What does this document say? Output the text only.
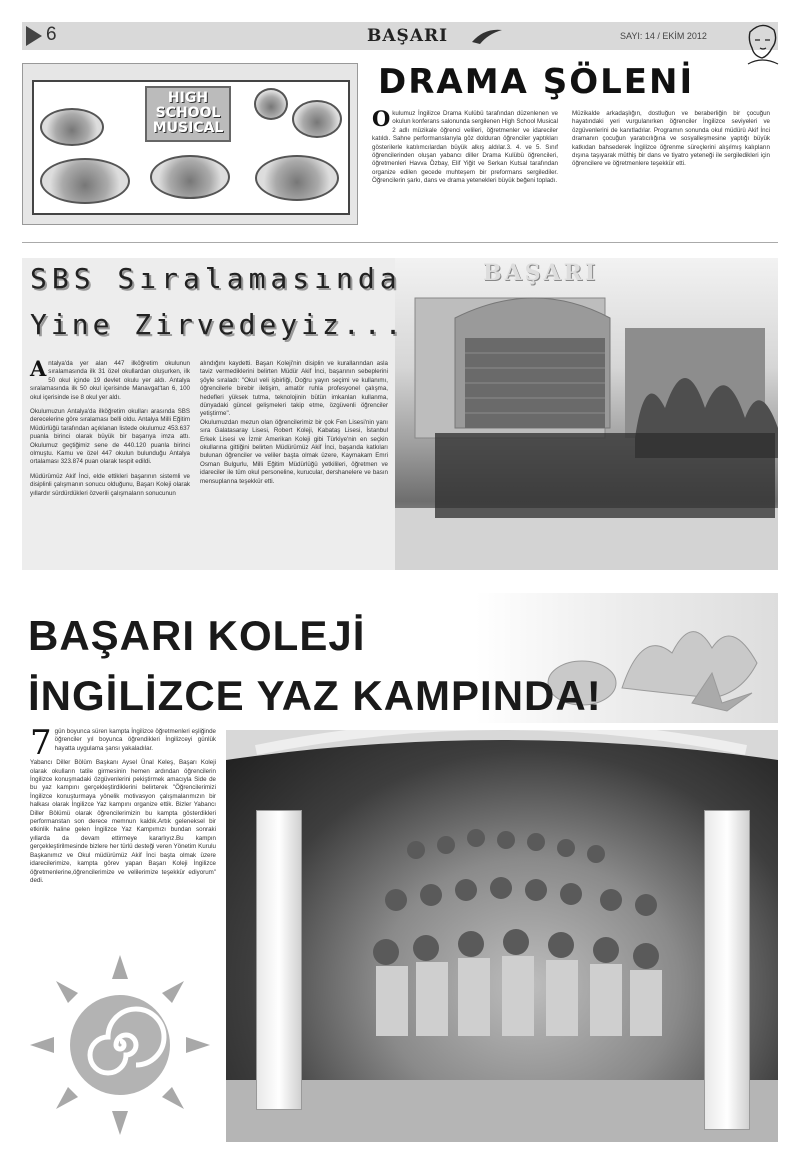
6	BAŞARI	SAYI: 14 / EKİM 2012
HIGH
SCHOOL
MUSICAL
DRAMA ŞÖLENİ
Okulumuz İngilizce Drama Kulübü tarafından düzenlenen ve okulun konferans salonunda sergilenen High School Musical 2 adlı müzikale öğrenci velileri, öğretmenler ve idareciler katıldı. Sahne performanslarıyla göz dolduran öğrenciler yaptıkları gösterilerle katılımcılardan büyük alkış aldılar.3. 4. ve 5. Sınıf öğrencilerinden oluşan yabancı diller Drama Kulübü öğrencileri, öğretmenleri Havva Özbay, Elif Yiğit ve Serkan Kutsal tarafından organize edilen gecede muhteşem bir preformans sergilediler. Öğrencilerin şarkı, dans ve drama yetenekleri büyük beğeni topladı.
Müzikalde arkadaşlığın, dostluğun ve beraberliğin bir çocuğun hayatındaki yeri vurgulanırken öğrenciler İngilizce seviyeleri ve özgüvenlerini de kanıtladılar. Programın sonunda okul müdürü Akif İnci dramanın çocuğun yaratıcılığına ve sosyalleşmesine yaptığı büyük katkıdan bahsederek İngilizce öğrenme süreçlerini alışılmış kalıpların dışına taşıyarak müthiş bir dans ve tiyatro yeteneği ile sergiledikleri için öğrencilere ve öğretmenlere teşekkür etti.
BAŞARI
SBS Sıralamasında
Yine Zirvedeyiz...

Antalya'da yer alan 447 ilköğretim okulunun sıralamasında ilk 31 özel okullardan oluşurken, ilk 50 okul içinde 19 devlet okulu yer aldı. Antalya sıralamasında ilk 50 okul içerisinde Manavgat'tan 6, 100 okul içerisinde ise 8 okul yer aldı.

Okulumuzun Antalya'da ilköğretim okulları arasında SBS derecelerine göre sıralaması belli oldu. Antalya Milli Eğitim Müdürlüğü tarafından açıklanan listede okulumuz 453.637 puanla birinci olarak büyük bir başarıya imza attı. Okulumuz geçtiğimiz sene de 440.120 puanla birinci olmuştu. Kamu ve özel 447 okulun bulunduğu Antalya ortalaması 323.874 puan olarak tespit edildi.

Müdürümüz Akif İnci, elde ettikleri başarının sistemli ve disiplinli çalışmanın sonucu olduğunu, Başarı Koleji olarak yıllardır sürdürdükleri özverili çalışmaların sonucunun

alındığını kaydetti. Başarı Koleji'nin disiplin ve kurallarından asla taviz vermediklerini belirten Müdür Akif İnci, başarının sebeplerini şöyle sıraladı: "Okul veli işbirliği, Doğru yayın seçimi ve kullanımı, öğrencilerle birebir iletişim, amatör ruhla profesyonel çalışma, hedefleri yüksek tutma, teknolojinin bütün imkanları kullanma, dünyadaki güncel gelişmeleri takip etme, özgüvenli öğrenciler yetiştirme".

Okulumuzdan mezun olan öğrencilerimiz bir çok Fen Lisesi'nin yanı sıra Galatasaray Lisesi, Robert Koleji, Kabataş Lisesi, İstanbul Erkek Lisesi ve İzmir Amerikan Koleji gibi Türkiye'nin en seçkin okullarına gittiğini belirten Müdürümüz Akif İnci, başarıda katkıları bulunan öğrenciler ve veliler başta olmak üzere, Kaymakam Emri Osman Bulgurlu, Milli Eğitim Müdürlüğü yetkilileri, öğretmen ve idareciler ile tüm okul personeline, kurucular, dershanelere ve basın mensuplarına teşekkür etti.

BAŞARI KOLEJİ
İNGİLİZCE YAZ KAMPINDA!

7 gün boyunca süren kampta İngilizce öğretmenleri eşliğinde öğrenciler yıl boyunca öğrendikleri İngilizceyi günlük hayatta uygulama şansı yakaladılar.

Yabancı Diller Bölüm Başkanı Aysel Ünal Keleş, Başarı Koleji olarak okulların tatile girmesinin hemen ardından öğrencilerin İngilizce konuşmadaki özgüvenlerini pekiştirmek amacıyla Side de bu yaz kampını gerçekleştirdiklerini belirterek "Öğrencilerimizi İngilizce konuşturmaya yönelik motivasyon çalışmalarımızın bir halkası olarak İngilizce Yaz kampını organize ettik. Bizler Yabancı Diller Bölümü olarak öğrencilerimizin bu kampta gösterdikleri performanstan son derece memnun kaldık.Artık geleneksel bir etkinlik haline gelen İngilizce Yaz Kampımızı bundan sonraki yıllarda da devam ettirmeye kararlıyız.Bu kampın gerçekleştirilmesinde bizlere her türlü desteği veren Yönetim Kurulu Başkanımız ve Okul müdürümüz Akif İnci başta olmak üzere idarecilerimize, kampta görev yapan Başarı Koleji İngilizce öğretmenlerine,öğrencilerimize ve velilerimize teşekkür ediyorum" dedi.
